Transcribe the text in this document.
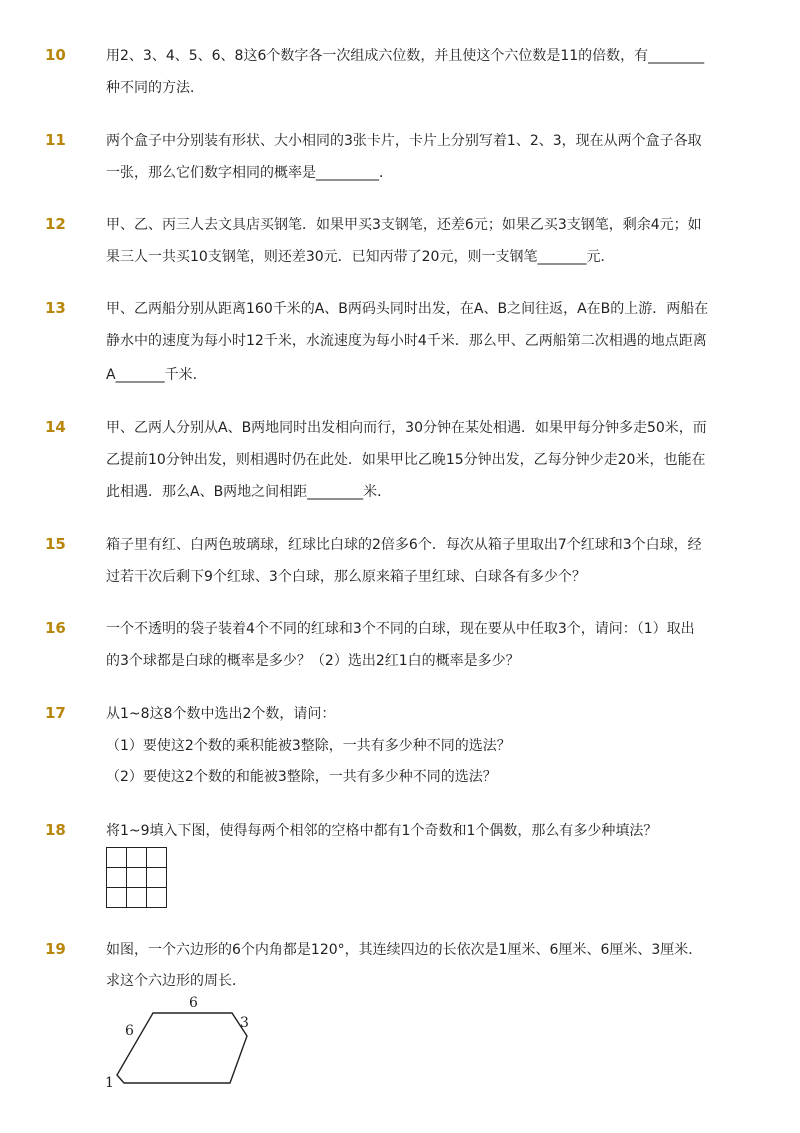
10	用2、3、4、5、6、8这6个数字各一次组成六位数，并且使这个六位数是11的倍数，有________
种不同的方法．
11	两个盒子中分别装有形状、大小相同的3张卡片，卡片上分别写着1、2、3，现在从两个盒子各取
一张，那么它们数字相同的概率是_________．
12	甲、乙、丙三人去文具店买钢笔．如果甲买3支钢笔，还差6元；如果乙买3支钢笔，剩余4元；如
果三人一共买10支钢笔，则还差30元．已知丙带了20元，则一支钢笔_______元．
13	甲、乙两船分别从距离160千米的A、B两码头同时出发，在A、B之间往返，A在B的上游．两船在
静水中的速度为每小时12千米，水流速度为每小时4千米．那么甲、乙两船第二次相遇的地点距离
A_______千米．
14	甲、乙两人分别从A、B两地同时出发相向而行，30分钟在某处相遇．如果甲每分钟多走50米，而
乙提前10分钟出发，则相遇时仍在此处．如果甲比乙晚15分钟出发，乙每分钟少走20米，也能在
此相遇．那么A、B两地之间相距________米．
15	箱子里有红、白两色玻璃球，红球比白球的2倍多6个．每次从箱子里取出7个红球和3个白球，经
过若干次后剩下9个红球、3个白球，那么原来箱子里红球、白球各有多少个？
16	一个不透明的袋子装着4个不同的红球和3个不同的白球，现在要从中任取3个，请问：（1）取出
的3个球都是白球的概率是多少？（2）选出2红1白的概率是多少？
17	从1~8这8个数中选出2个数，请问：
（1）要使这2个数的乘积能被3整除，一共有多少种不同的选法？
（2）要使这2个数的和能被3整除，一共有多少种不同的选法？
18	将1~9填入下图，使得每两个相邻的空格中都有1个奇数和1个偶数，那么有多少种填法？

19	如图，一个六边形的6个内角都是120°，其连续四边的长依次是1厘米、6厘米、6厘米、3厘米．
求这个六边形的周长．
6
6	3
1
